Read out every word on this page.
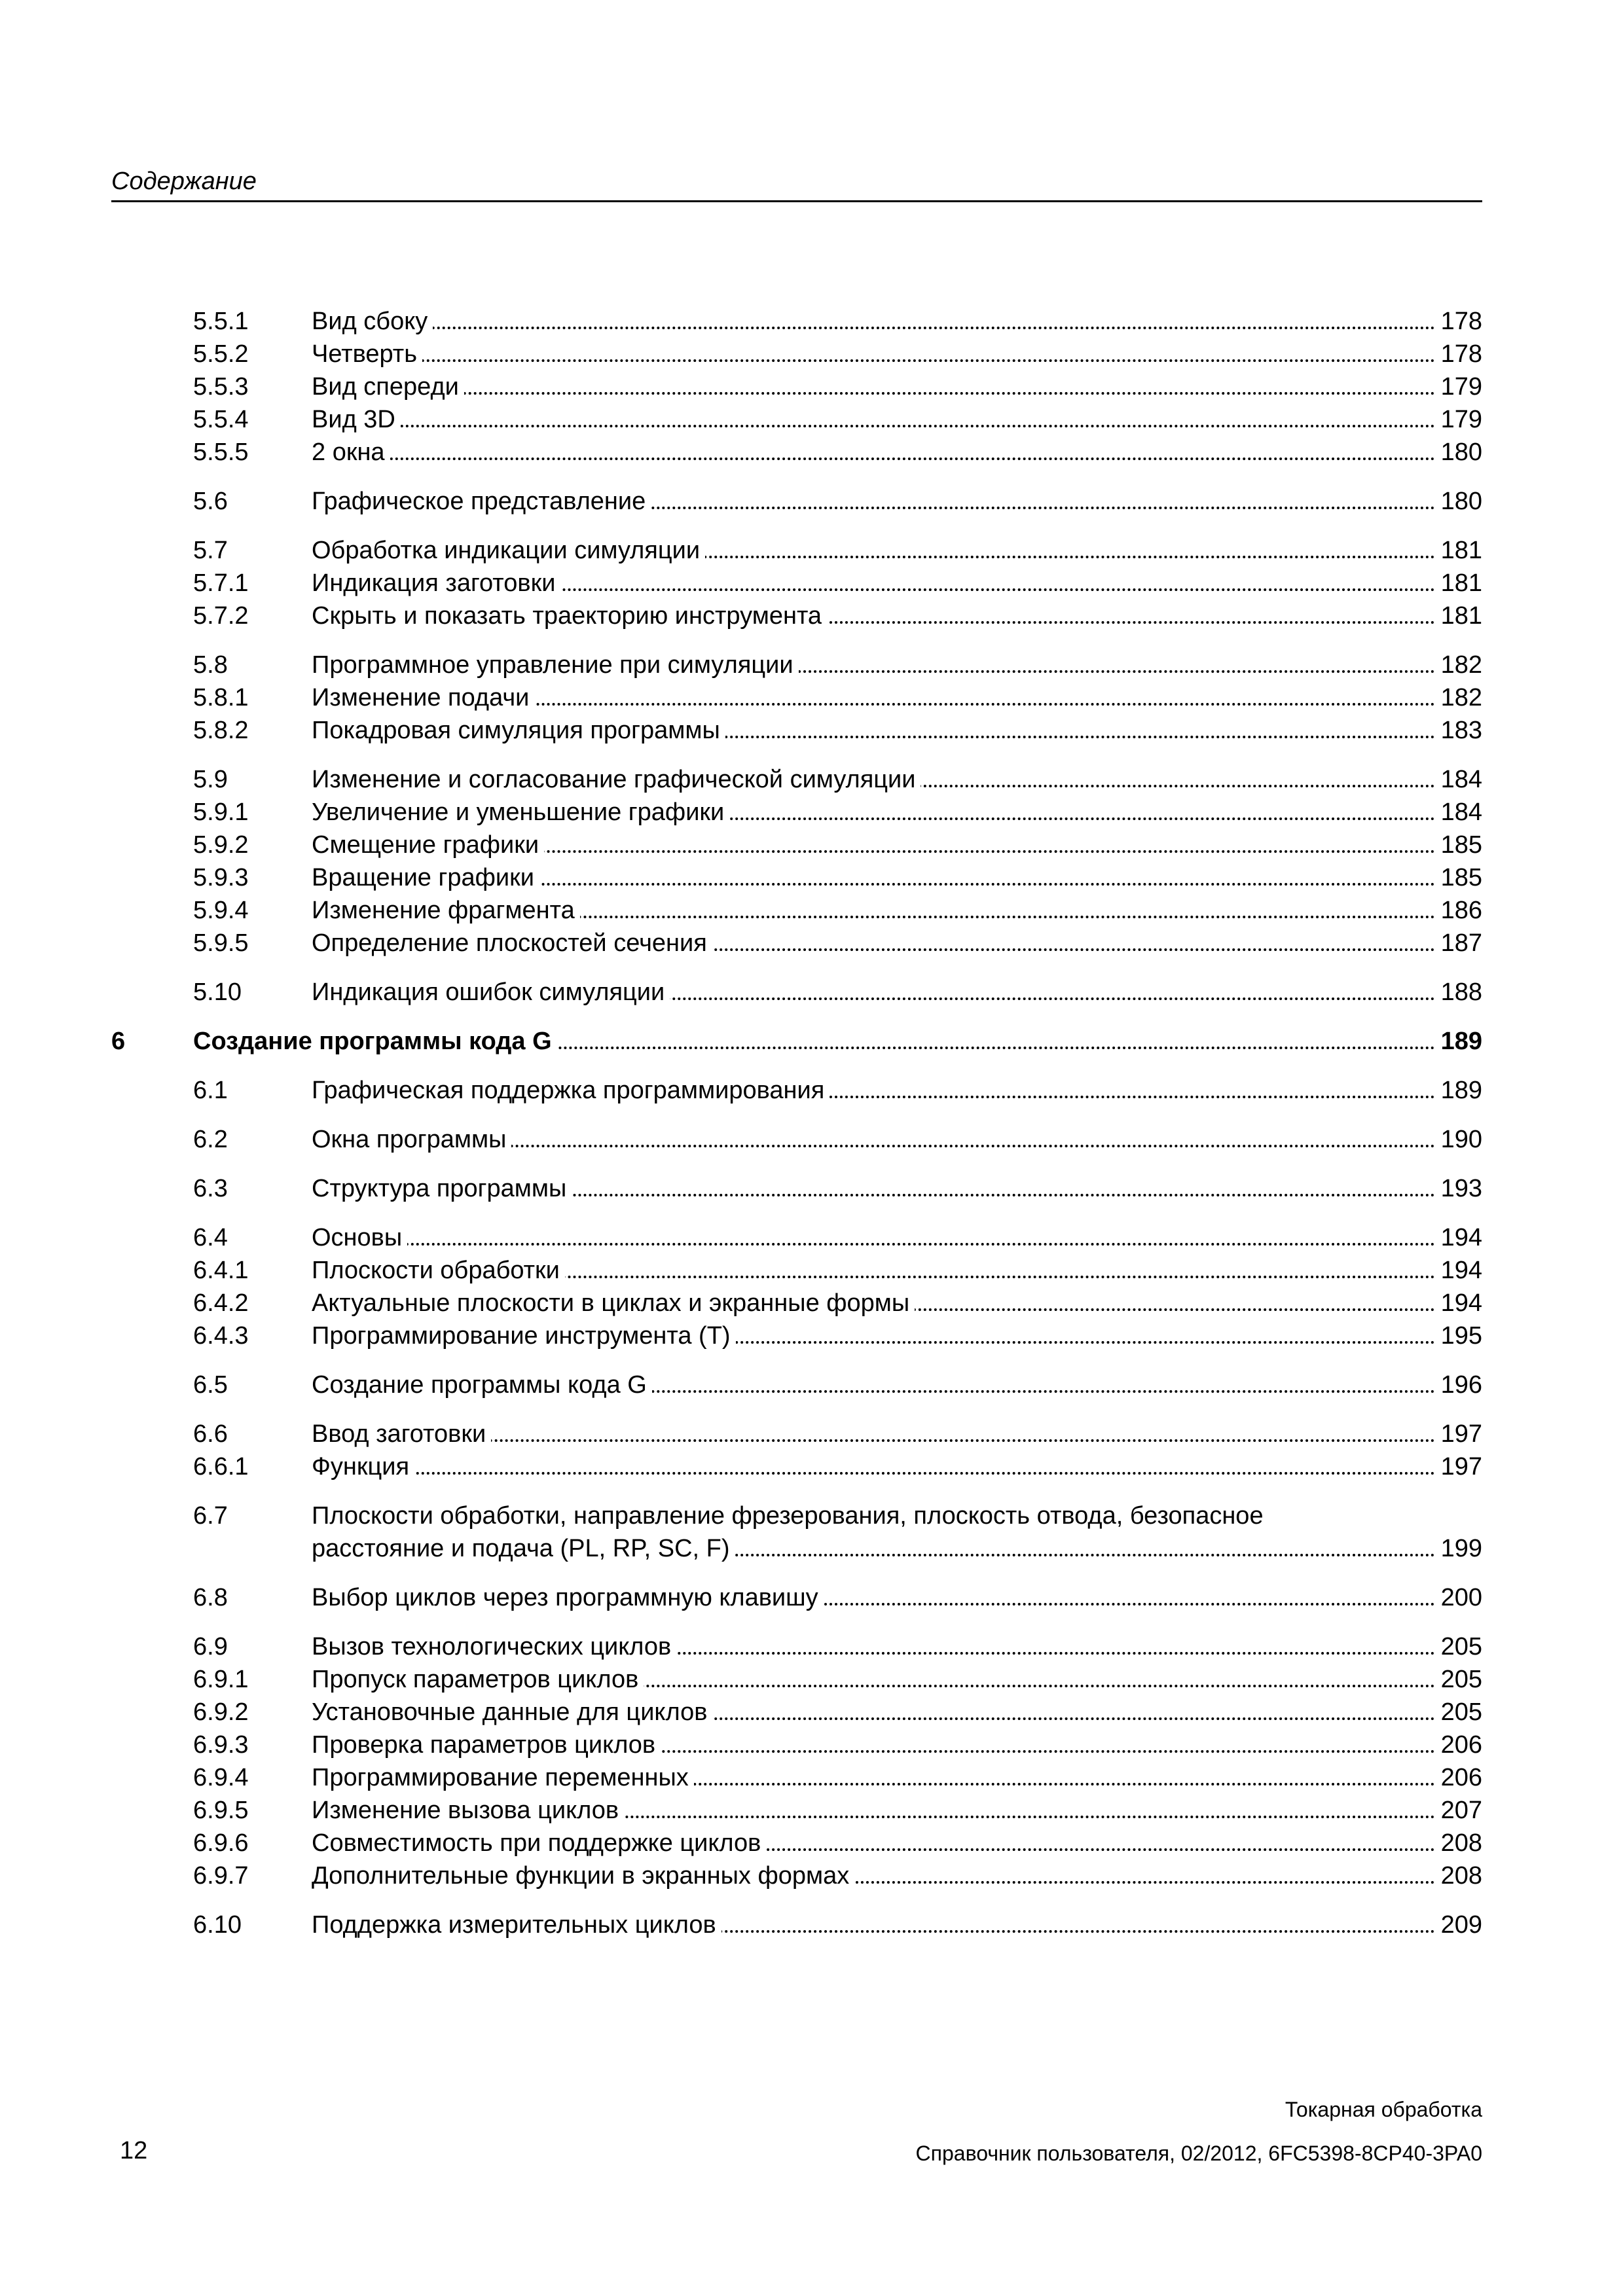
Содержание
5.5.1	Вид сбоку	178
5.5.2	Четверть	178
5.5.3	Вид спереди	179
5.5.4	Вид 3D	179
5.5.5	2 окна	180
5.6	Графическое представление	180
5.7	Обработка индикации симуляции	181
5.7.1	Индикация заготовки	181
5.7.2	Скрыть и показать траекторию инструмента	181
5.8	Программное управление при симуляции	182
5.8.1	Изменение подачи	182
5.8.2	Покадровая симуляция программы	183
5.9	Изменение и согласование графической симуляции	184
5.9.1	Увеличение и уменьшение графики	184
5.9.2	Смещение графики	185
5.9.3	Вращение графики	185
5.9.4	Изменение фрагмента	186
5.9.5	Определение плоскостей сечения	187
5.10	Индикация ошибок симуляции	188
6	Создание программы кода G	189
6.1	Графическая поддержка программирования	189
6.2	Окна программы	190
6.3	Структура программы	193
6.4	Основы	194
6.4.1	Плоскости обработки	194
6.4.2	Актуальные плоскости в циклах и экранные формы	194
6.4.3	Программирование инструмента (T)	195
6.5	Создание программы кода G	196
6.6	Ввод заготовки	197
6.6.1	Функция	197
6.7	Плоскости обработки, направление фрезерования, плоскость отвода, безопасное
расстояние и подача (PL, RP, SC, F)	199
6.8	Выбор циклов через программную клавишу	200
6.9	Вызов технологических циклов	205
6.9.1	Пропуск параметров циклов	205
6.9.2	Установочные данные для циклов	205
6.9.3	Проверка параметров циклов	206
6.9.4	Программирование переменных	206
6.9.5	Изменение вызова циклов	207
6.9.6	Совместимость при поддержке циклов	208
6.9.7	Дополнительные функции в экранных формах	208
6.10	Поддержка измерительных циклов	209
Токарная обработка
Справочник пользователя, 02/2012, 6FC5398-8CP40-3PA0
12
